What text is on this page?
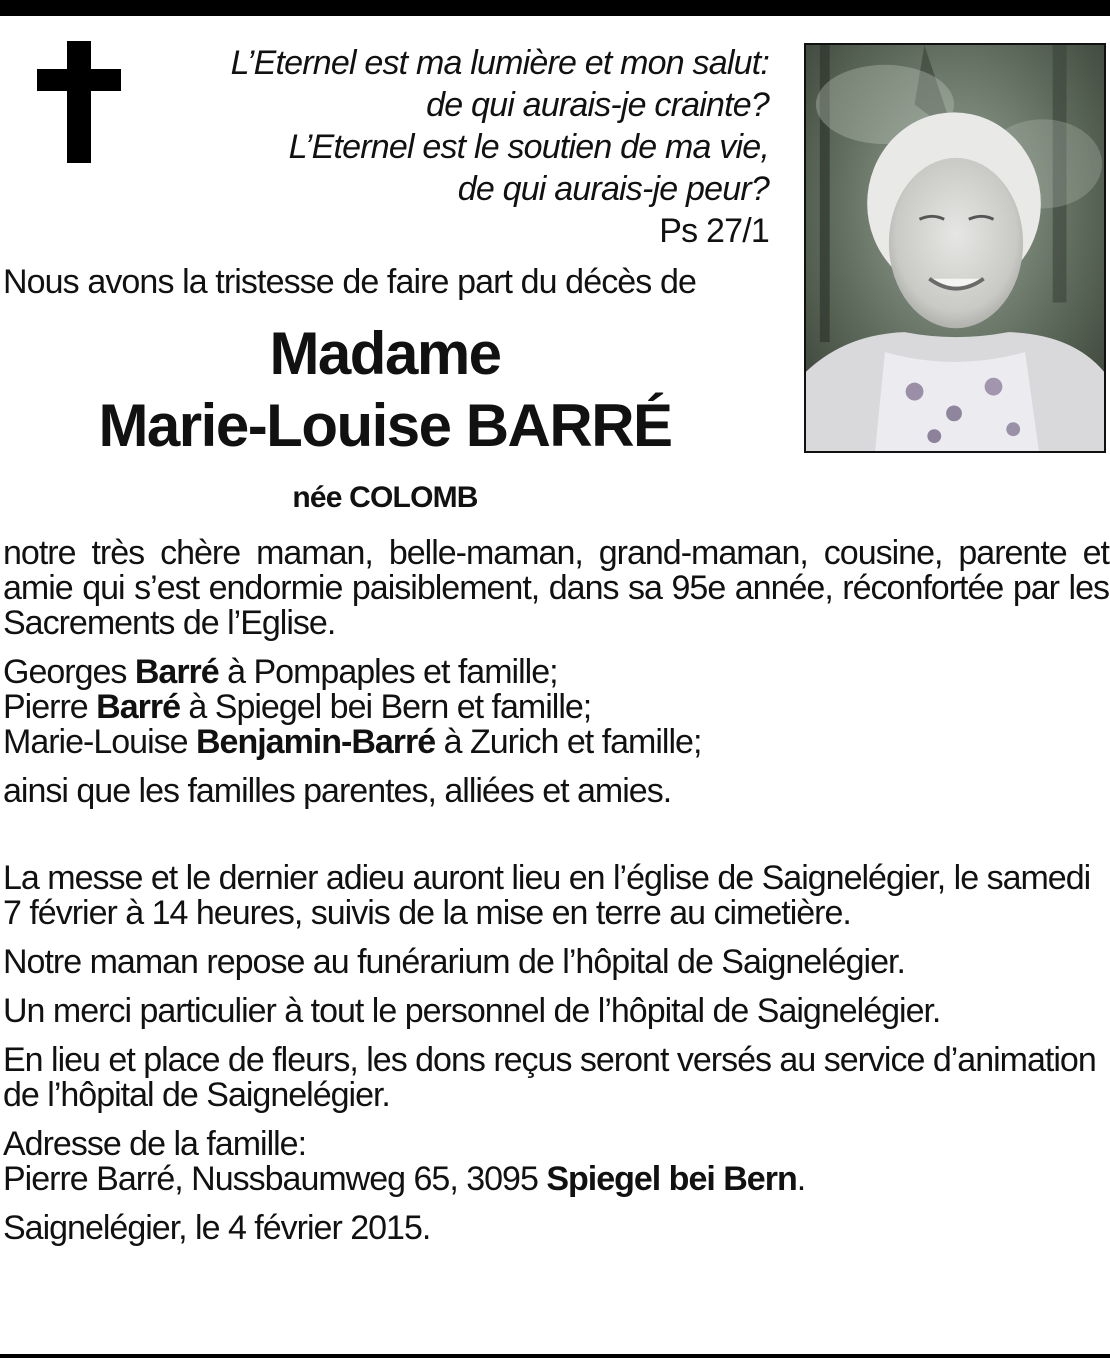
L’Eternel est ma lumière et mon salut:
de qui aurais-je crainte?
L’Eternel est le soutien de ma vie,
de qui aurais-je peur?
Ps 27/1
Nous avons la tristesse de faire part du décès de
Madame
Marie-Louise BARRÉ
née COLOMB

notre très chère maman, belle-maman, grand-maman, cousine, parente et amie qui s’est endormie paisiblement, dans sa 95e année, réconfortée par les Sacrements de l’Eglise.

Georges Barré à Pompaples et famille;
Pierre Barré à Spiegel bei Bern et famille;
Marie-Louise Benjamin-Barré à Zurich et famille;

ainsi que les familles parentes, alliées et amies.

La messe et le dernier adieu auront lieu en l’église de Saignelégier, le samedi 7 février à 14 heures, suivis de la mise en terre au cimetière.

Notre maman repose au funérarium de l’hôpital de Saignelégier.

Un merci particulier à tout le personnel de l’hôpital de Saignelégier.

En lieu et place de fleurs, les dons reçus seront versés au service d’animation de l’hôpital de Saignelégier.

Adresse de la famille:
Pierre Barré, Nussbaumweg 65, 3095 Spiegel bei Bern.

Saignelégier, le 4 février 2015.
